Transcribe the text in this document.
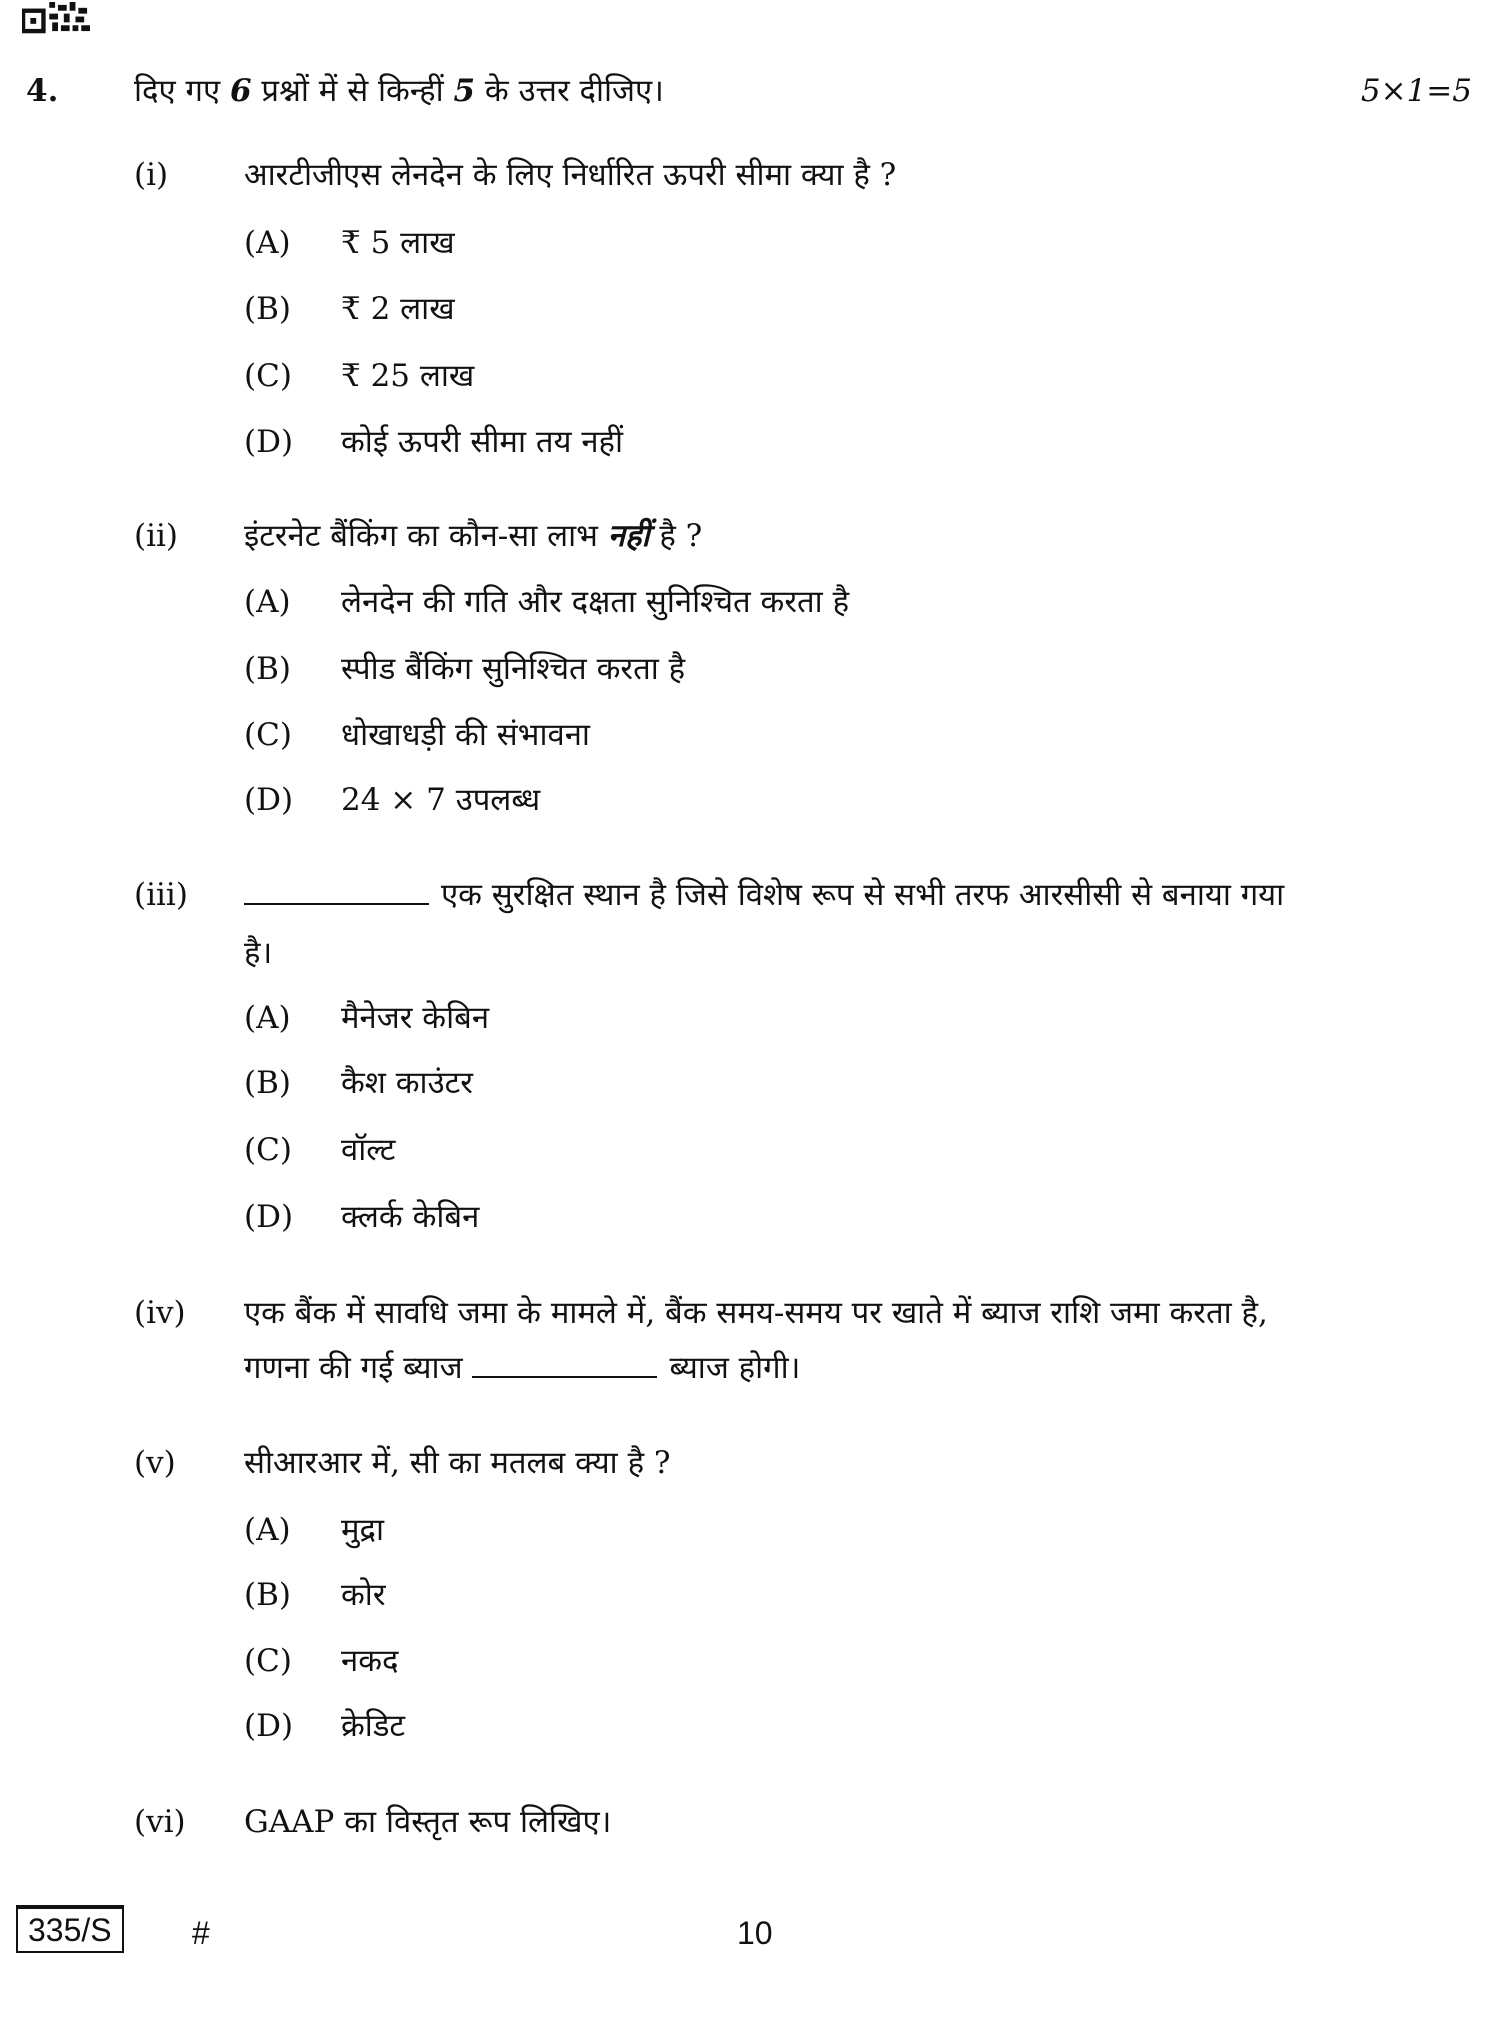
4. दिए गए 6 प्रश्नों में से किन्हीं 5 के उत्तर दीजिए।	5×1=5
(i) आरटीजीएस लेनदेन के लिए निर्धारित ऊपरी सीमा क्या है ?
(A) ₹ 5 लाख
(B) ₹ 2 लाख
(C) ₹ 25 लाख
(D) कोई ऊपरी सीमा तय नहीं
(ii) इंटरनेट बैंकिंग का कौन-सा लाभ नहीं है ?
(A) लेनदेन की गति और दक्षता सुनिश्चित करता है
(B) स्पीड बैंकिंग सुनिश्चित करता है
(C) धोखाधड़ी की संभावना
(D) 24 × 7 उपलब्ध
(iii)	एक सुरक्षित स्थान है जिसे विशेष रूप से सभी तरफ आरसीसी से बनाया गया
है।
(A) मैनेजर केबिन
(B) कैश काउंटर
(C) वॉल्ट
(D) क्लर्क केबिन
(iv) एक बैंक में सावधि जमा के मामले में, बैंक समय-समय पर खाते में ब्याज राशि जमा करता है,
गणना की गई ब्याज	ब्याज होगी।
(v) सीआरआर में, सी का मतलब क्या है ?
(A) मुद्रा
(B) कोर
(C) नकद
(D) क्रेडिट
(vi) GAAP का विस्तृत रूप लिखिए।
335/S	#	10
